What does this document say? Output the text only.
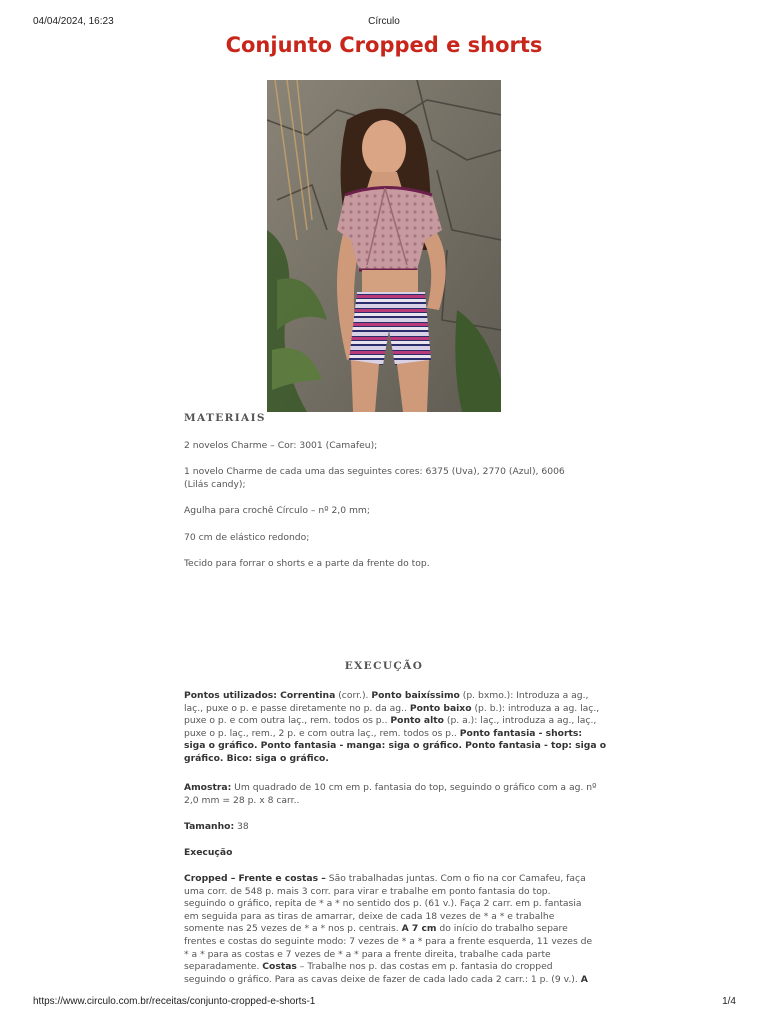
04/04/2024, 16:23	Círculo
Conjunto Cropped e shorts
MATERIAIS

2 novelos Charme – Cor: 3001 (Camafeu);

1 novelo Charme de cada uma das seguintes cores: 6375 (Uva), 2770 (Azul), 6006

(Lilás candy);

Agulha para crochê Círculo – nº 2,0 mm;

70 cm de elástico redondo;

Tecido para forrar o shorts e a parte da frente do top.

EXECUÇÃO
Pontos utilizados: Correntina (corr.). Ponto baixíssimo (p. bxmo.): Introduza a ag.,
laç., puxe o p. e passe diretamente no p. da ag.. Ponto baixo (p. b.): introduza a ag. laç.,
puxe o p. e com outra laç., rem. todos os p.. Ponto alto (p. a.): laç., introduza a ag., laç.,
puxe o p. laç., rem., 2 p. e com outra laç., rem. todos os p.. Ponto fantasia - shorts:
siga o gráfico. Ponto fantasia - manga: siga o gráfico. Ponto fantasia - top: siga o
gráfico. Bico: siga o gráfico.
Amostra: Um quadrado de 10 cm em p. fantasia do top, seguindo o gráfico com a ag. nº
2,0 mm = 28 p. x 8 carr..
Tamanho: 38
Execução
Cropped – Frente e costas – São trabalhadas juntas. Com o fio na cor Camafeu, faça
uma corr. de 548 p. mais 3 corr. para virar e trabalhe em ponto fantasia do top.
seguindo o gráfico, repita de * a * no sentido dos p. (61 v.). Faça 2 carr. em p. fantasia
em seguida para as tiras de amarrar, deixe de cada 18 vezes de * a * e trabalhe
somente nas 25 vezes de * a * nos p. centrais. A 7 cm do início do trabalho separe
frentes e costas do seguinte modo: 7 vezes de * a * para a frente esquerda, 11 vezes de
* a * para as costas e 7 vezes de * a * para a frente direita, trabalhe cada parte
separadamente. Costas – Trabalhe nos p. das costas em p. fantasia do cropped
seguindo o gráfico. Para as cavas deixe de fazer de cada lado cada 2 carr.: 1 p. (9 v.). A
https://www.circulo.com.br/receitas/conjunto-cropped-e-shorts-1	1/4
